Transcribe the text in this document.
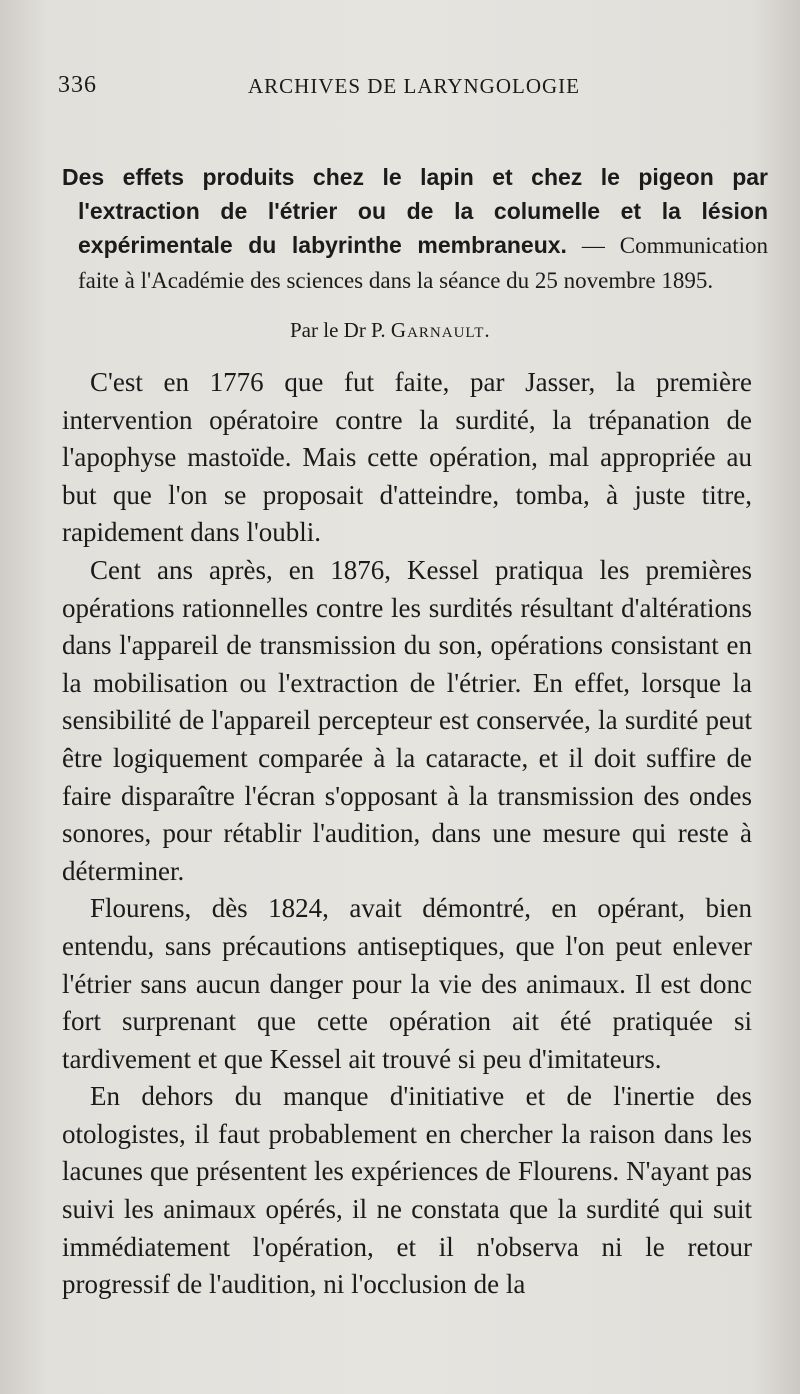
336	ARCHIVES DE LARYNGOLOGIE
Des effets produits chez le lapin et chez le pigeon par l'extraction de l'étrier ou de la columelle et la lésion expérimentale du labyrinthe membraneux. — Communication faite à l'Académie des sciences dans la séance du 25 novembre 1895.
Par le Dr P. Garnault.

C'est en 1776 que fut faite, par Jasser, la première intervention opératoire contre la surdité, la trépanation de l'apophyse mastoïde. Mais cette opération, mal appropriée au but que l'on se proposait d'atteindre, tomba, à juste titre, rapidement dans l'oubli.

Cent ans après, en 1876, Kessel pratiqua les premières opérations rationnelles contre les surdités résultant d'altérations dans l'appareil de transmission du son, opérations consistant en la mobilisation ou l'extraction de l'étrier. En effet, lorsque la sensibilité de l'appareil percepteur est conservée, la surdité peut être logiquement comparée à la cataracte, et il doit suffire de faire disparaître l'écran s'opposant à la transmission des ondes sonores, pour rétablir l'audition, dans une mesure qui reste à déterminer.

Flourens, dès 1824, avait démontré, en opérant, bien entendu, sans précautions antiseptiques, que l'on peut enlever l'étrier sans aucun danger pour la vie des animaux. Il est donc fort surprenant que cette opération ait été pratiquée si tardivement et que Kessel ait trouvé si peu d'imitateurs.

En dehors du manque d'initiative et de l'inertie des otologistes, il faut probablement en chercher la raison dans les lacunes que présentent les expériences de Flourens. N'ayant pas suivi les animaux opérés, il ne constata que la surdité qui suit immédiatement l'opération, et il n'observa ni le retour progressif de l'audition, ni l'occlusion de la
